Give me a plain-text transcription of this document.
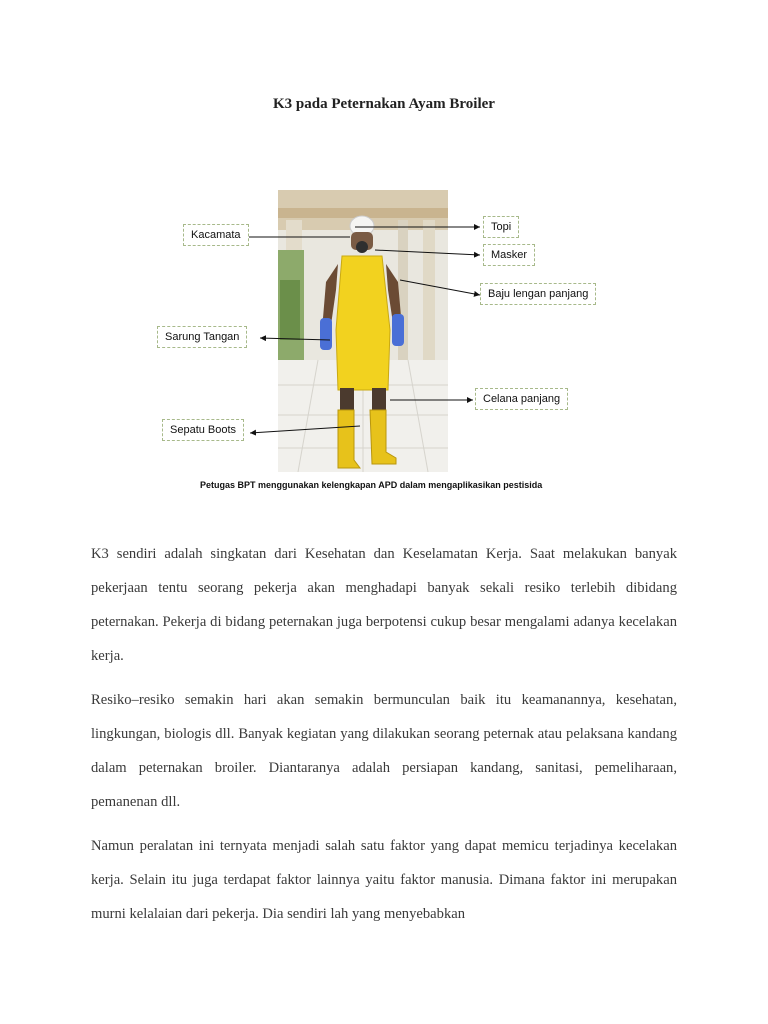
K3 pada Peternakan Ayam Broiler
Kacamata
Topi
Masker
Baju lengan panjang
Sarung Tangan
Celana panjang
Sepatu Boots
Petugas BPT menggunakan kelengkapan APD dalam mengaplikasikan pestisida

K3 sendiri adalah singkatan dari Kesehatan dan Keselamatan Kerja. Saat melakukan banyak pekerjaan tentu seorang pekerja akan menghadapi banyak sekali resiko terlebih dibidang peternakan. Pekerja di bidang peternakan juga berpotensi cukup besar mengalami adanya kecelakan kerja.

Resiko–resiko semakin hari akan semakin bermunculan baik itu keamanannya, kesehatan, lingkungan, biologis dll. Banyak kegiatan yang dilakukan seorang peternak atau pelaksana kandang dalam peternakan broiler. Diantaranya adalah persiapan kandang, sanitasi, pemeliharaan, pemanenan dll.

Namun peralatan ini ternyata menjadi salah satu faktor yang dapat memicu terjadinya kecelakan kerja. Selain itu juga terdapat faktor lainnya yaitu faktor manusia. Dimana faktor ini merupakan murni kelalaian dari pekerja. Dia sendiri lah yang menyebabkan
